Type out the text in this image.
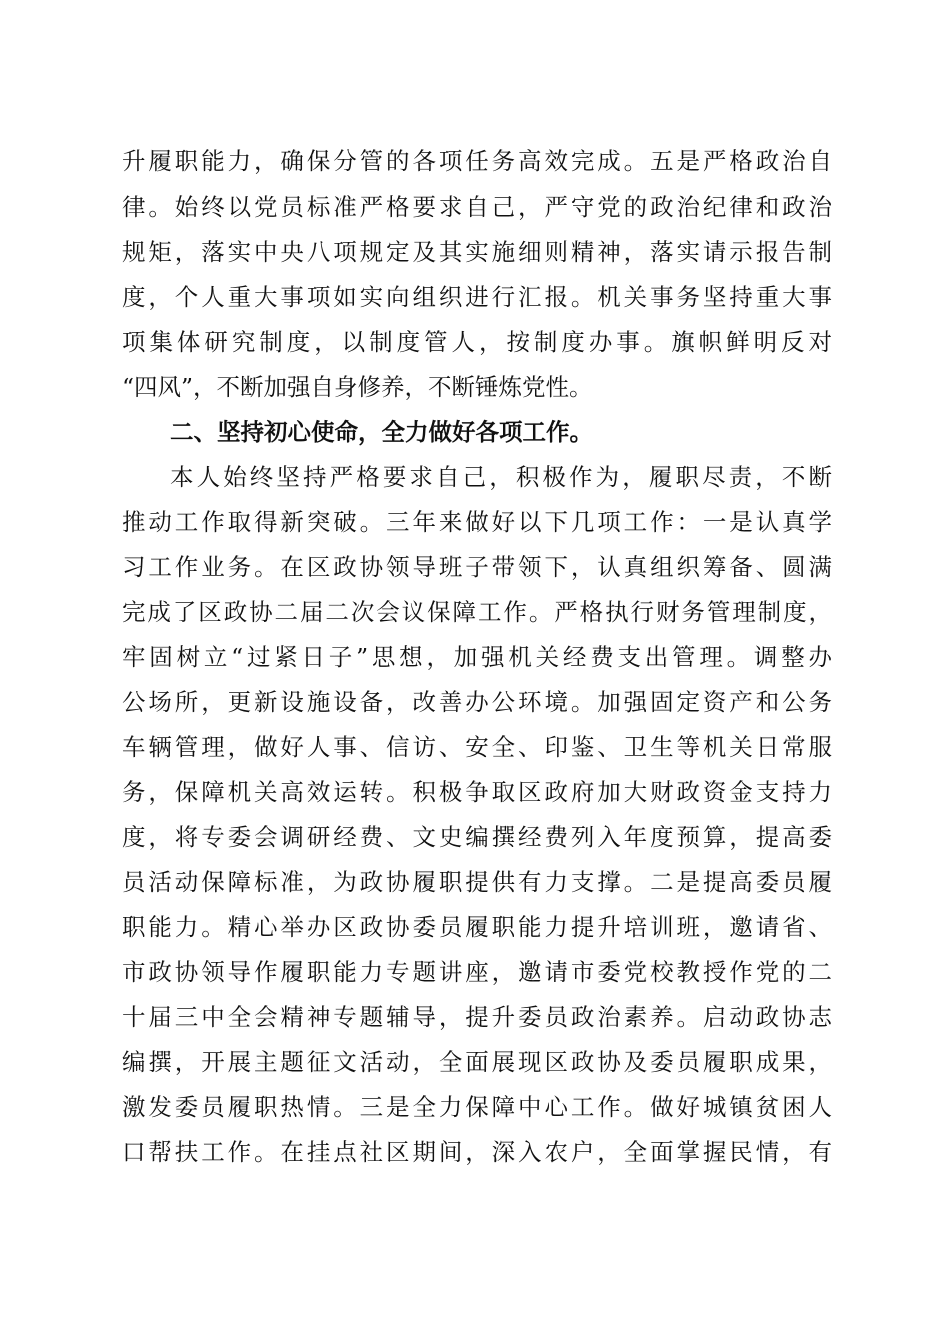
升履职能力，确保分管的各项任务高效完成。五是严格政治自
律。始终以党员标准严格要求自己，严守党的政治纪律和政治
规矩，落实中央八项规定及其实施细则精神，落实请示报告制
度，个人重大事项如实向组织进行汇报。机关事务坚持重大事
项集体研究制度，以制度管人，按制度办事。旗帜鲜明反对
“四风”，不断加强自身修养，不断锤炼党性。
二、坚持初心使命，全力做好各项工作。
本人始终坚持严格要求自己，积极作为，履职尽责，不断
推动工作取得新突破。三年来做好以下几项工作：一是认真学
习工作业务。在区政协领导班子带领下，认真组织筹备、圆满
完成了区政协二届二次会议保障工作。严格执行财务管理制度，
牢固树立“过紧日子”思想，加强机关经费支出管理。调整办
公场所，更新设施设备，改善办公环境。加强固定资产和公务
车辆管理，做好人事、信访、安全、印鉴、卫生等机关日常服
务，保障机关高效运转。积极争取区政府加大财政资金支持力
度，将专委会调研经费、文史编撰经费列入年度预算，提高委
员活动保障标准，为政协履职提供有力支撑。二是提高委员履
职能力。精心举办区政协委员履职能力提升培训班，邀请省、
市政协领导作履职能力专题讲座，邀请市委党校教授作党的二
十届三中全会精神专题辅导，提升委员政治素养。启动政协志
编撰，开展主题征文活动，全面展现区政协及委员履职成果，
激发委员履职热情。三是全力保障中心工作。做好城镇贫困人
口帮扶工作。在挂点社区期间，深入农户，全面掌握民情，有
